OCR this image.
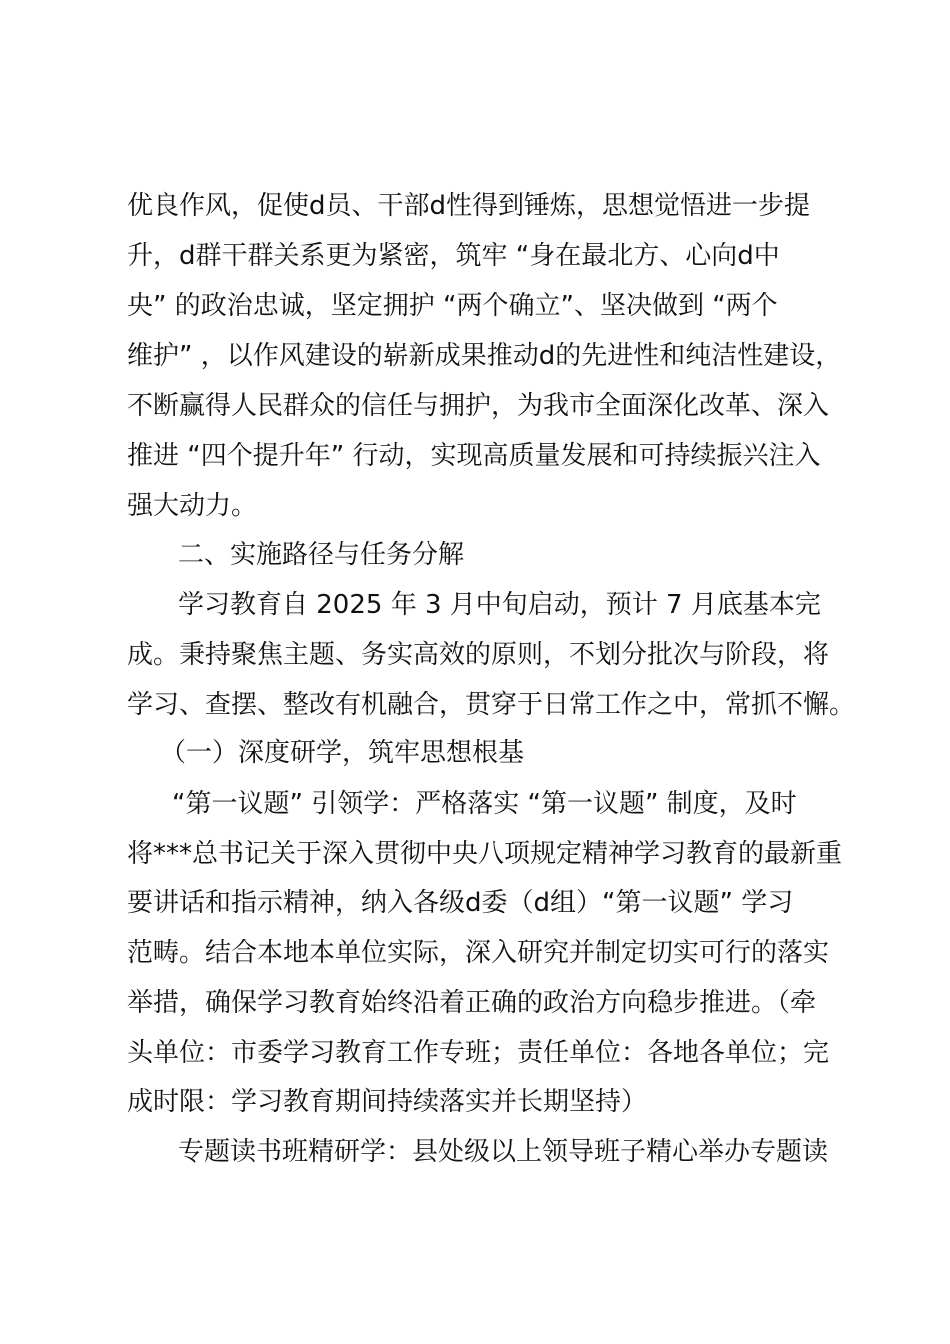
优良作风，促使d员、干部d性得到锤炼，思想觉悟进一步提
升，d群干群关系更为紧密，筑牢 “身在最北方、心向d中
央” 的政治忠诚，坚定拥护 “两个确立”、坚决做到 “两个
维护” ，以作风建设的崭新成果推动d的先进性和纯洁性建设，
不断赢得人民群众的信任与拥护，为我市全面深化改革、深入
推进 “四个提升年” 行动，实现高质量发展和可持续振兴注入
强大动力。
二、实施路径与任务分解
学习教育自 2025 年 3 月中旬启动，预计 7 月底基本完
成。秉持聚焦主题、务实高效的原则，不划分批次与阶段，将
学习、查摆、整改有机融合，贯穿于日常工作之中，常抓不懈。
（一）深度研学，筑牢思想根基
“第一议题” 引领学：严格落实 “第一议题” 制度，及时
将***总书记关于深入贯彻中央八项规定精神学习教育的最新重
要讲话和指示精神，纳入各级d委（d组）“第一议题” 学习
范畴。结合本地本单位实际，深入研究并制定切实可行的落实
举措，确保学习教育始终沿着正确的政治方向稳步推进。（牵
头单位：市委学习教育工作专班；责任单位：各地各单位；完
成时限：学习教育期间持续落实并长期坚持）
专题读书班精研学：县处级以上领导班子精心举办专题读
